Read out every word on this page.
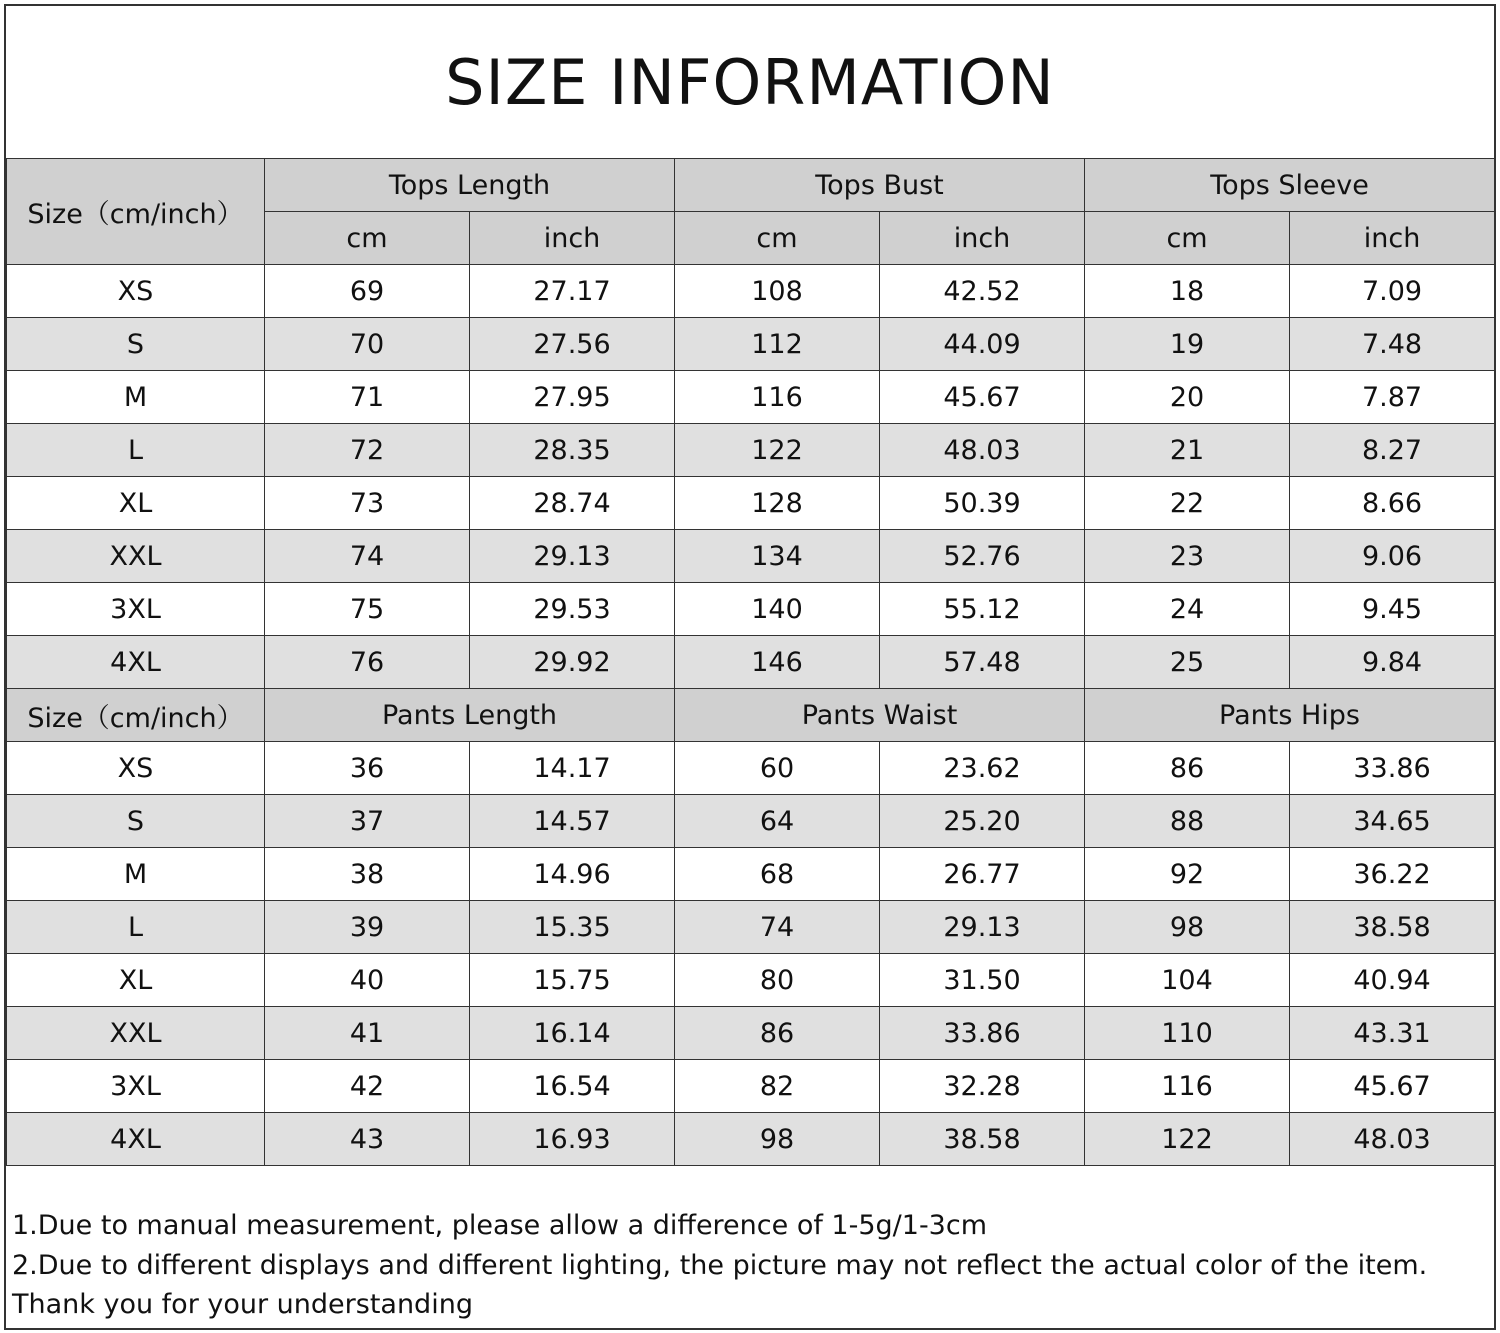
SIZE INFORMATION
Size（cm/inch）	Tops Length		Tops Bust		Tops Sleeve	
	cm	inch	cm	inch	cm	inch
XS	69	27.17	108	42.52	18	7.09
S	70	27.56	112	44.09	19	7.48
M	71	27.95	116	45.67	20	7.87
L	72	28.35	122	48.03	21	8.27
XL	73	28.74	128	50.39	22	8.66
XXL	74	29.13	134	52.76	23	9.06
3XL	75	29.53	140	55.12	24	9.45
4XL	76	29.92	146	57.48	25	9.84
Size（cm/inch）	Pants Length		Pants Waist		Pants Hips	
XS	36	14.17	60	23.62	86	33.86
S	37	14.57	64	25.20	88	34.65
M	38	14.96	68	26.77	92	36.22
L	39	15.35	74	29.13	98	38.58
XL	40	15.75	80	31.50	104	40.94
XXL	41	16.14	86	33.86	110	43.31
3XL	42	16.54	82	32.28	116	45.67
4XL	43	16.93	98	38.58	122	48.03
1.Due to manual measurement, please allow a difference of 1-5g/1-3cm
2.Due to different displays and different lighting, the picture may not reflect the actual color of the item.
Thank you for your understanding
